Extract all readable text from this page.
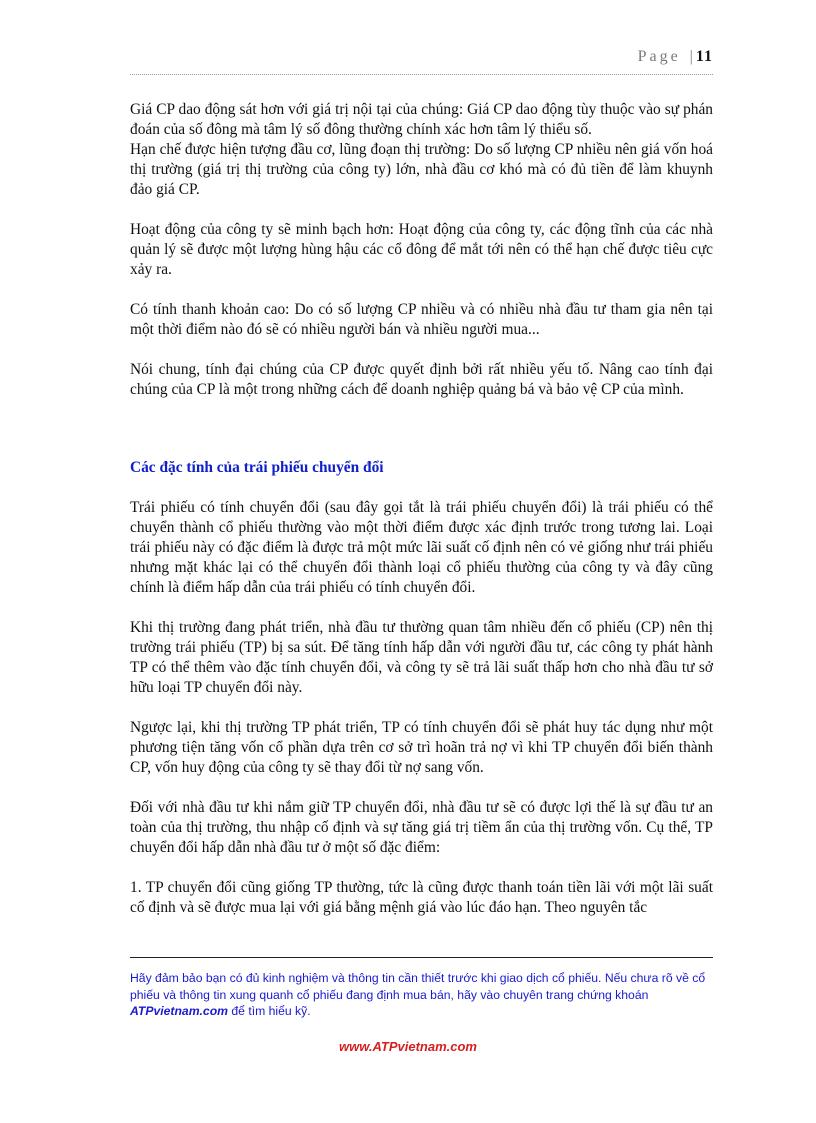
Page | 11

Giá CP dao động sát hơn với giá trị nội tại của chúng: Giá CP dao động tùy thuộc vào sự phán đoán của số đông mà tâm lý số đông thường chính xác hơn tâm lý thiểu số.

Hạn chế được hiện tượng đầu cơ, lũng đoạn thị trường: Do số lượng CP nhiều nên giá vốn hoá thị trường (giá trị thị trường của công ty) lớn, nhà đầu cơ khó mà có đủ tiền để làm khuynh đảo giá CP.

Hoạt động của công ty sẽ minh bạch hơn: Hoạt động của công ty, các động tĩnh của các nhà quản lý sẽ được một lượng hùng hậu các cổ đông để mắt tới nên có thể hạn chế được tiêu cực xảy ra.

Có tính thanh khoản cao: Do có số lượng CP nhiều và có nhiều nhà đầu tư tham gia nên tại một thời điểm nào đó sẽ có nhiều người bán và nhiều người mua...

Nói chung, tính đại chúng của CP được quyết định bởi rất nhiều yếu tố. Nâng cao tính đại chúng của CP là một trong những cách để doanh nghiệp quảng bá và bảo vệ CP của mình.

Các đặc tính của trái phiếu chuyển đổi

Trái phiếu có tính chuyển đổi (sau đây gọi tắt là trái phiếu chuyển đổi) là trái phiếu có thể chuyển thành cổ phiếu thường vào một thời điểm được xác định trước trong tương lai. Loại trái phiếu này có đặc điểm là được trả một mức lãi suất cố định nên có vẻ giống như trái phiếu nhưng mặt khác lại có thể chuyển đổi thành loại cổ phiếu thường của công ty và đây cũng chính là điểm hấp dẫn của trái phiếu có tính chuyển đổi.

Khi thị trường đang phát triển, nhà đầu tư thường quan tâm nhiều đến cổ phiếu (CP) nên thị trường trái phiếu (TP) bị sa sút. Để tăng tính hấp dẫn với người đầu tư, các công ty phát hành TP có thể thêm vào đặc tính chuyển đổi, và công ty sẽ trả lãi suất thấp hơn cho nhà đầu tư sở hữu loại TP chuyển đổi này.

Ngược lại, khi thị trường TP phát triển, TP có tính chuyển đổi sẽ phát huy tác dụng như một phương tiện tăng vốn cổ phần dựa trên cơ sở trì hoãn trả nợ vì khi TP chuyển đổi biến thành CP, vốn huy động của công ty sẽ thay đổi từ nợ sang vốn.

Đối với nhà đầu tư khi nắm giữ TP chuyển đổi, nhà đầu tư sẽ có được lợi thế là sự đầu tư an toàn của thị trường, thu nhập cố định và sự tăng giá trị tiềm ẩn của thị trường vốn. Cụ thể, TP chuyển đổi hấp dẫn nhà đầu tư ở một số đặc điểm:

1. TP chuyển đổi cũng giống TP thường, tức là cũng được thanh toán tiền lãi với một lãi suất cố định và sẽ được mua lại với giá bằng mệnh giá vào lúc đáo hạn. Theo nguyên tắc

Hãy đảm bảo bạn có đủ kinh nghiệm và thông tin cần thiết trước khi giao dịch cổ phiếu. Nếu chưa rõ về cổ phiếu và thông tin xung quanh cổ phiếu đang định mua bán, hãy vào chuyên trang chứng khoán ATPvietnam.com để tìm hiểu kỹ.
www.ATPvietnam.com
